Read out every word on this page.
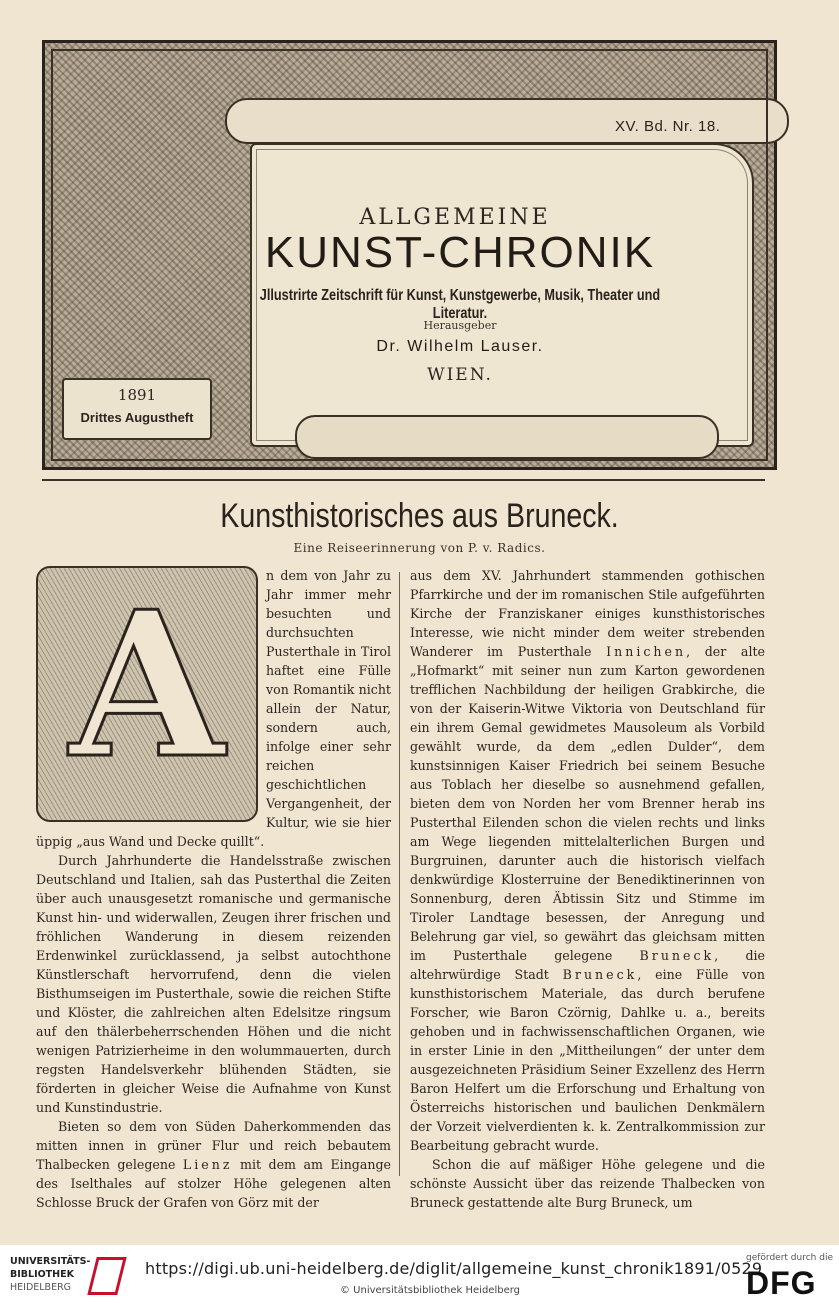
XV. Bd. Nr. 18.
ALLGEMEINE
KUNST-CHRONIK
Jllustrirte Zeitschrift für Kunst, Kunstgewerbe, Musik, Theater und Literatur.
Herausgeber
Dr. Wilhelm Lauser.
WIEN.
1891
Drittes Augustheft
Kunsthistorisches aus Bruneck.
Eine Reiseerinnerung von P. v. Radics.
A	n dem von Jahr zu Jahr immer mehr besuchten und durchsuchten Pusterthale in Tirol haftet eine Fülle von Romantik nicht allein der Natur, sondern auch, infolge einer sehr reichen geschichtlichen Vergangenheit, der Kultur, wie sie hier üppig „aus Wand und Decke quillt“.

Durch Jahrhunderte die Handelsstraße zwischen Deutschland und Italien, sah das Pusterthal die Zeiten über auch unausgesetzt romanische und germanische Kunst hin- und widerwallen, Zeugen ihrer frischen und fröhlichen Wanderung in diesem reizenden Erdenwinkel zurücklassend, ja selbst autochthone Künstlerschaft hervorrufend, denn die vielen Bisthumseigen im Pusterthale, sowie die reichen Stifte und Klöster, die zahlreichen alten Edelsitze ringsum auf den thälerbeherrschenden Höhen und die nicht wenigen Patrizierheime in den wolummauerten, durch regsten Handelsverkehr blühenden Städten, sie förderten in gleicher Weise die Aufnahme von Kunst und Kunstindustrie.

Bieten so dem von Süden Daherkommenden das mitten innen in grüner Flur und reich bebautem Thalbecken gelegene Lienz mit dem am Eingange des Iselthales auf stolzer Höhe gelegenen alten Schlosse Bruck der Grafen von Görz mit der

aus dem XV. Jahrhundert stammenden gothischen Pfarrkirche und der im romanischen Stile aufgeführten Kirche der Franziskaner einiges kunsthistorisches Interesse, wie nicht minder dem weiter strebenden Wanderer im Pusterthale Innichen, der alte „Hofmarkt“ mit seiner nun zum Karton gewordenen trefflichen Nachbildung der heiligen Grabkirche, die von der Kaiserin-Witwe Viktoria von Deutschland für ein ihrem Gemal gewidmetes Mausoleum als Vorbild gewählt wurde, da dem „edlen Dulder“, dem kunstsinnigen Kaiser Friedrich bei seinem Besuche aus Toblach her dieselbe so ausnehmend gefallen, bieten dem von Norden her vom Brenner herab ins Pusterthal Eilenden schon die vielen rechts und links am Wege liegenden mittelalterlichen Burgen und Burgruinen, darunter auch die historisch vielfach denkwürdige Klosterruine der Benediktinerinnen von Sonnenburg, deren Äbtissin Sitz und Stimme im Tiroler Landtage besessen, der Anregung und Belehrung gar viel, so gewährt das gleichsam mitten im Pusterthale gelegene Bruneck, die altehrwürdige Stadt Bruneck, eine Fülle von kunsthistorischem Materiale, das durch berufene Forscher, wie Baron Czörnig, Dahlke u. a., bereits gehoben und in fachwissenschaftlichen Organen, wie in erster Linie in den „Mittheilungen“ der unter dem ausgezeichneten Präsidium Seiner Exzellenz des Herrn Baron Helfert um die Erforschung und Erhaltung von Österreichs historischen und baulichen Denkmälern der Vorzeit vielverdienten k. k. Zentralkommission zur Bearbeitung gebracht wurde.

Schon die auf mäßiger Höhe gelegene und die schönste Aussicht über das reizende Thalbecken von Bruneck gestattende alte Burg Bruneck, um

UNIVERSITÄTS-
BIBLIOTHEK
HEIDELBERG
https://digi.ub.uni-heidelberg.de/diglit/allgemeine_kunst_chronik1891/0529
© Universitätsbibliothek Heidelberg
gefördert durch die
DFG
